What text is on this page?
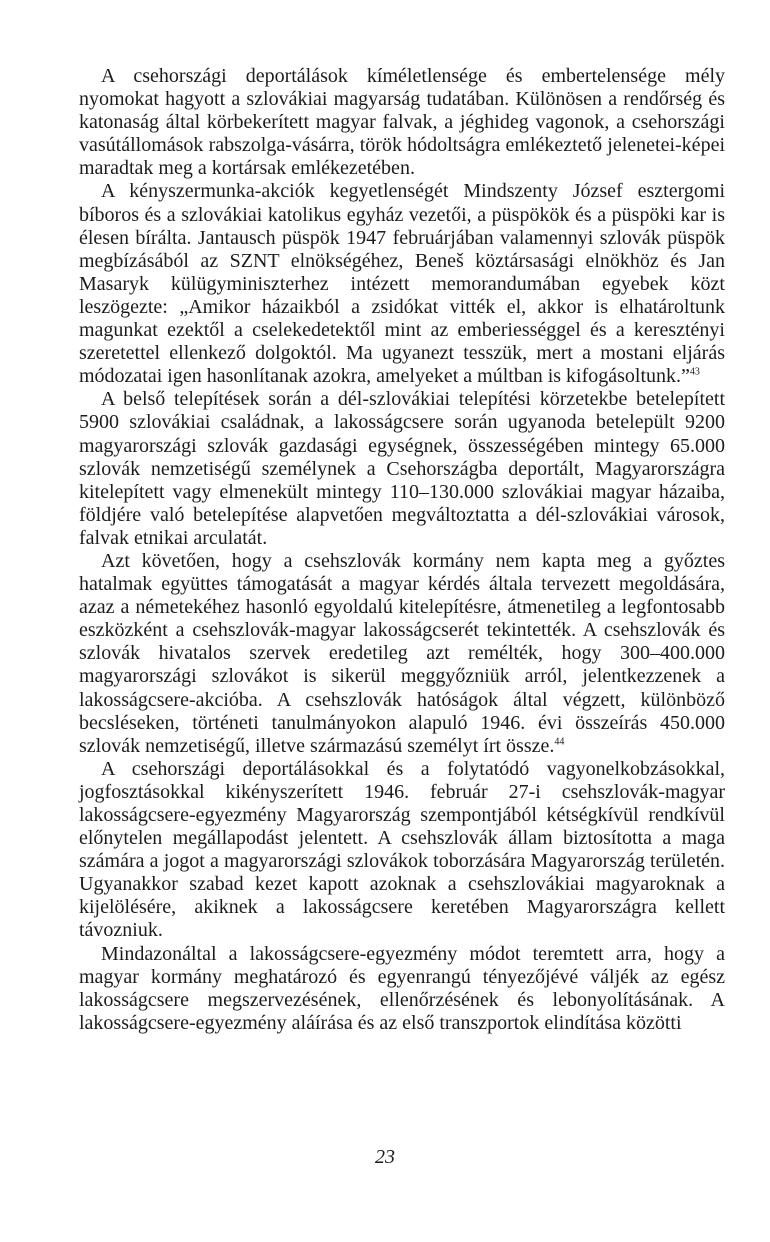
A csehországi deportálások kíméletlensége és embertelensége mély nyomokat hagyott a szlovákiai magyarság tudatában. Különösen a rendőrség és katonaság által körbekerített magyar falvak, a jéghideg vagonok, a csehországi vasútállomások rabszolga-vásárra, török hódoltságra emlékeztető jelenetei-képei maradtak meg a kortársak emlékezetében.

A kényszermunka-akciók kegyetlenségét Mindszenty József esztergomi bíboros és a szlovákiai katolikus egyház vezetői, a püspökök és a püspöki kar is élesen bírálta. Jantausch püspök 1947 februárjában valamennyi szlovák püspök megbízásából az SZNT elnökségéhez, Beneš köztársasági elnökhöz és Jan Masaryk külügyminiszterhez intézett memorandumában egyebek közt leszögezte: „Amikor házaikból a zsidókat vitték el, akkor is elhatároltunk magunkat ezektől a cselekedetektől mint az emberiességgel és a keresztényi szeretettel ellenkező dolgoktól. Ma ugyanezt tesszük, mert a mostani eljárás módozatai igen hasonlítanak azokra, amelyeket a múltban is kifogásoltunk.”$^{43}$

A belső telepítések során a dél-szlovákiai telepítési körzetekbe betelepített 5900 szlovákiai családnak, a lakosságcsere során ugyanoda betelepült 9200 magyarországi szlovák gazdasági egységnek, összességében mintegy 65.000 szlovák nemzetiségű személynek a Csehországba deportált, Magyarországra kitelepített vagy elmenekült mintegy 110–130.000 szlovákiai magyar házaiba, földjére való betelepítése alapvetően megváltoztatta a dél-szlovákiai városok, falvak etnikai arculatát.

Azt követően, hogy a csehszlovák kormány nem kapta meg a győztes hatalmak együttes támogatását a magyar kérdés általa tervezett megoldására, azaz a németekéhez hasonló egyoldalú kitelepítésre, átmenetileg a legfontosabb eszközként a csehszlovák-magyar lakosságcserét tekintették. A csehszlovák és szlovák hivatalos szervek eredetileg azt remélték, hogy 300–400.000 magyarországi szlovákot is sikerül meggyőzniük arról, jelentkezzenek a lakosságcsere-akcióba. A csehszlovák hatóságok által végzett, különböző becsléseken, történeti tanulmányokon alapuló 1946. évi összeírás 450.000 szlovák nemzetiségű, illetve származású személyt írt össze.$^{44}$

A csehországi deportálásokkal és a folytatódó vagyonelkobzásokkal, jogfosztásokkal kikényszerített 1946. február 27-i csehszlovák-magyar lakosságcsere-egyezmény Magyarország szempontjából kétségkívül rendkívül előnytelen megállapodást jelentett. A csehszlovák állam biztosította a maga számára a jogot a magyarországi szlovákok toborzására Magyarország területén. Ugyanakkor szabad kezet kapott azoknak a csehszlovákiai magyaroknak a kijelölésére, akiknek a lakosságcsere keretében Magyarországra kellett távozniuk.

Mindazonáltal a lakosságcsere-egyezmény módot teremtett arra, hogy a magyar kormány meghatározó és egyenrangú tényezőjévé váljék az egész lakosságcsere megszervezésének, ellenőrzésének és lebonyolításának. A lakosságcsere-egyezmény aláírása és az első transzportok elindítása közötti

23
